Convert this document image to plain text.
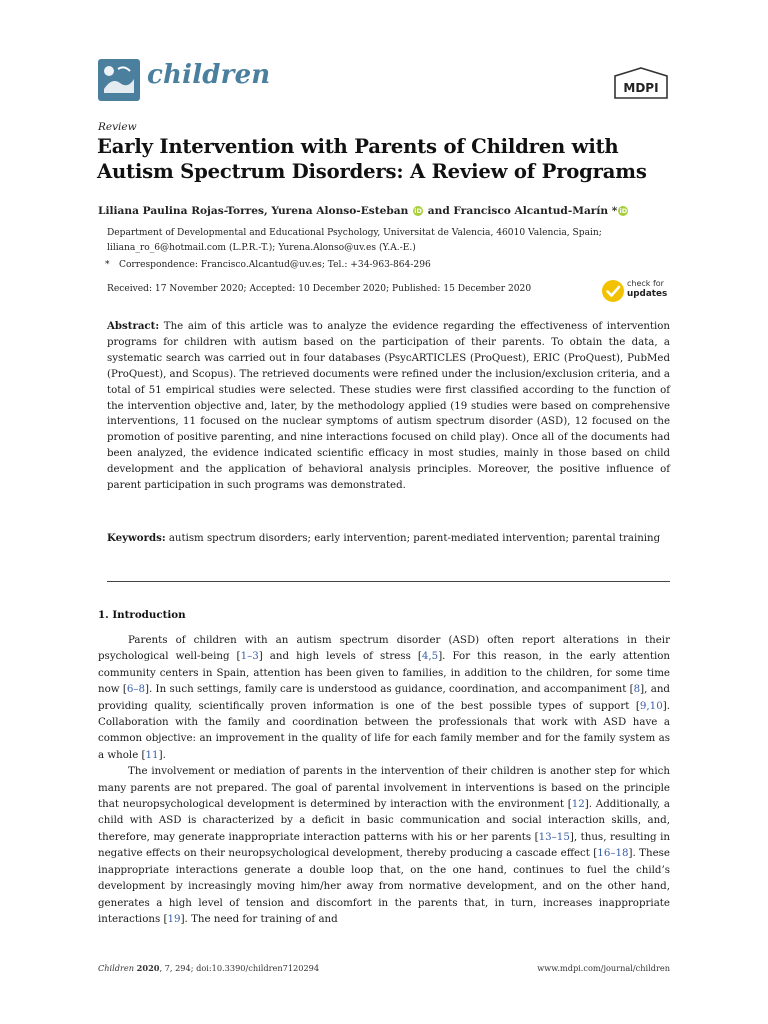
children	MDPI
Review
Early Intervention with Parents of Children with
Autism Spectrum Disorders: A Review of Programs
Liliana Paulina Rojas-Torres, Yurena Alonso-Esteban iD and Francisco Alcantud-Marín * iD
Department of Developmental and Educational Psychology, Universitat de Valencia, 46010 Valencia, Spain;
liliana_ro_6@hotmail.com (L.P.R.-T.); Yurena.Alonso@uv.es (Y.A.-E.)
* Correspondence: Francisco.Alcantud@uv.es; Tel.: +34-963-864-296
Received: 17 November 2020; Accepted: 10 December 2020; Published: 15 December 2020
check for
updates
Abstract: The aim of this article was to analyze the evidence regarding the effectiveness of intervention programs for children with autism based on the participation of their parents. To obtain the data, a systematic search was carried out in four databases (PsycARTICLES (ProQuest), ERIC (ProQuest), PubMed (ProQuest), and Scopus). The retrieved documents were refined under the inclusion/exclusion criteria, and a total of 51 empirical studies were selected. These studies were first classified according to the function of the intervention objective and, later, by the methodology applied (19 studies were based on comprehensive interventions, 11 focused on the nuclear symptoms of autism spectrum disorder (ASD), 12 focused on the promotion of positive parenting, and nine interactions focused on child play). Once all of the documents had been analyzed, the evidence indicated scientific efficacy in most studies, mainly in those based on child development and the application of behavioral analysis principles. Moreover, the positive influence of parent participation in such programs was demonstrated.
Keywords: autism spectrum disorders; early intervention; parent-mediated intervention; parental training
1. Introduction

Parents of children with an autism spectrum disorder (ASD) often report alterations in their psychological well-being [1–3] and high levels of stress [4,5]. For this reason, in the early attention community centers in Spain, attention has been given to families, in addition to the children, for some time now [6–8]. In such settings, family care is understood as guidance, coordination, and accompaniment [8], and providing quality, scientifically proven information is one of the best possible types of support [9,10]. Collaboration with the family and coordination between the professionals that work with ASD have a common objective: an improvement in the quality of life for each family member and for the family system as a whole [11].

The involvement or mediation of parents in the intervention of their children is another step for which many parents are not prepared. The goal of parental involvement in interventions is based on the principle that neuropsychological development is determined by interaction with the environment [12]. Additionally, a child with ASD is characterized by a deficit in basic communication and social interaction skills, and, therefore, may generate inappropriate interaction patterns with his or her parents [13–15], thus, resulting in negative effects on their neuropsychological development, thereby producing a cascade effect [16–18]. These inappropriate interactions generate a double loop that, on the one hand, continues to fuel the child’s development by increasingly moving him/her away from normative development, and on the other hand, generates a high level of tension and discomfort in the parents that, in turn, increases inappropriate interactions [19]. The need for training of and

Children 2020, 7, 294; doi:10.3390/children7120294	www.mdpi.com/journal/children
